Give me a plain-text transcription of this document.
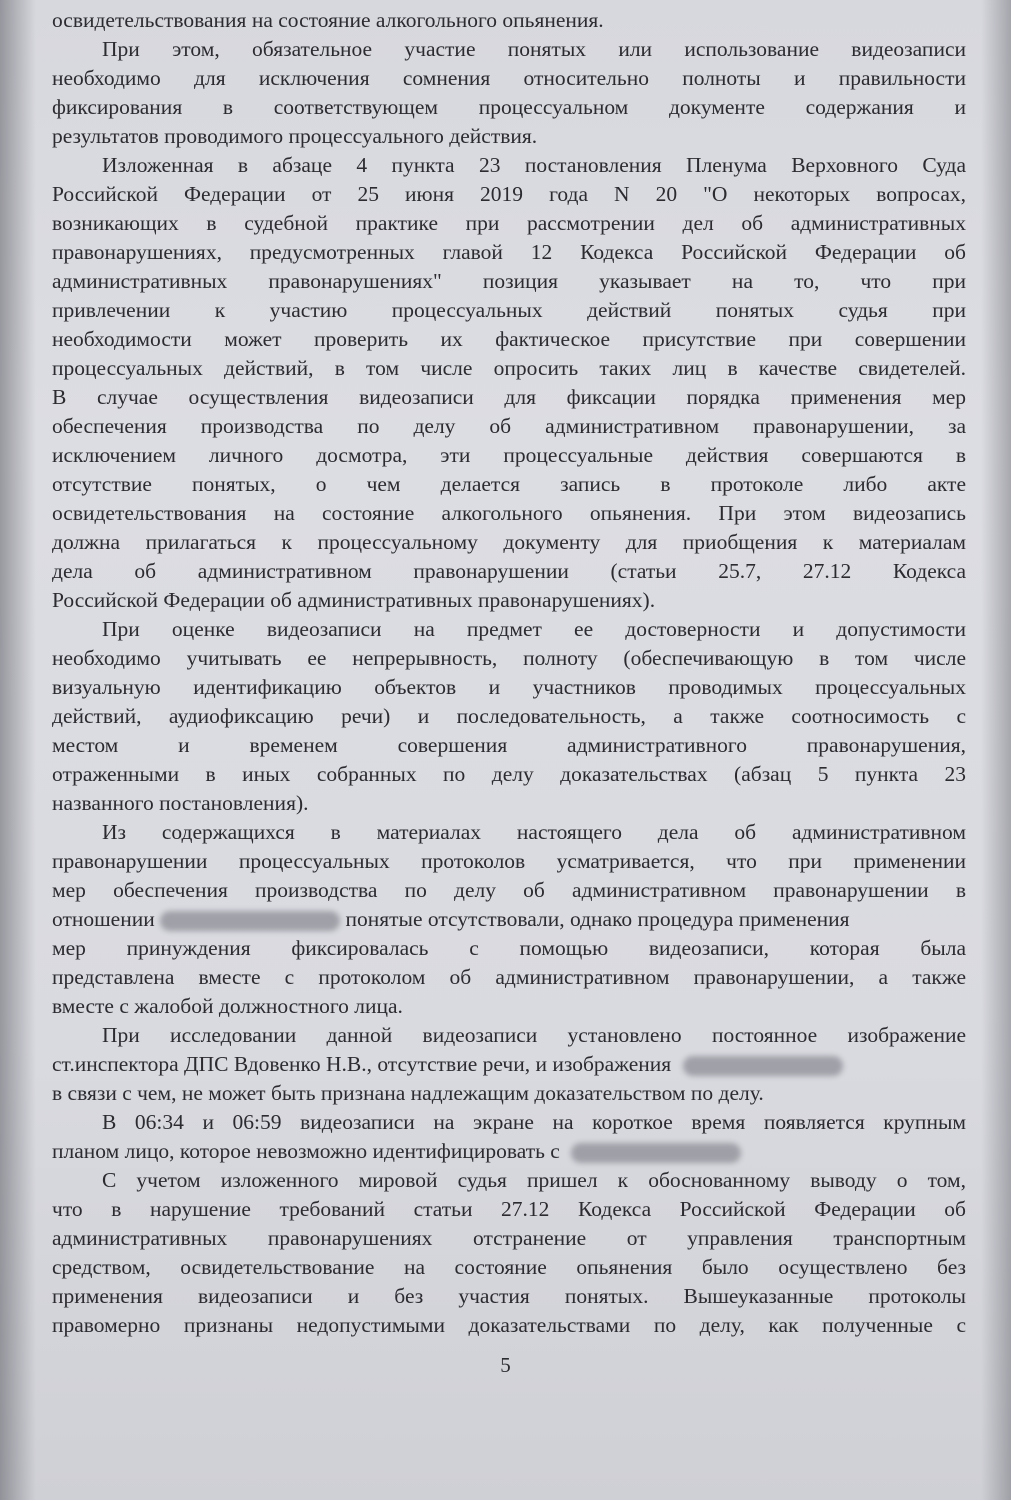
освидетельствования на состояние алкогольного опьянения.

При этом, обязательное участие понятых или использование видеозаписи
необходимо для исключения сомнения относительно полноты и правильности
фиксирования в соответствующем процессуальном документе содержания и
результатов проводимого процессуального действия.

Изложенная в абзаце 4 пункта 23 постановления Пленума Верховного Суда
Российской Федерации от 25 июня 2019 года N 20 "О некоторых вопросах,
возникающих в судебной практике при рассмотрении дел об административных
правонарушениях, предусмотренных главой 12 Кодекса Российской Федерации об
административных правонарушениях" позиция указывает на то, что при
привлечении к участию процессуальных действий понятых судья при
необходимости может проверить их фактическое присутствие при совершении
процессуальных действий, в том числе опросить таких лиц в качестве свидетелей.
В случае осуществления видеозаписи для фиксации порядка применения мер
обеспечения производства по делу об административном правонарушении, за
исключением личного досмотра, эти процессуальные действия совершаются в
отсутствие понятых, о чем делается запись в протоколе либо акте
освидетельствования на состояние алкогольного опьянения. При этом видеозапись
должна прилагаться к процессуальному документу для приобщения к материалам
дела об административном правонарушении (статьи 25.7, 27.12 Кодекса
Российской Федерации об административных правонарушениях).

При оценке видеозаписи на предмет ее достоверности и допустимости
необходимо учитывать ее непрерывность, полноту (обеспечивающую в том числе
визуальную идентификацию объектов и участников проводимых процессуальных
действий, аудиофиксацию речи) и последовательность, а также соотносимость с
местом и временем совершения административного правонарушения,
отраженными в иных собранных по делу доказательствах (абзац 5 пункта 23
названного постановления).

Из содержащихся в материалах настоящего дела об административном
правонарушении процессуальных протоколов усматривается, что при применении
мер обеспечения производства по делу об административном правонарушении в
отношении	понятые отсутствовали, однако процедура применения
мер принуждения фиксировалась с помощью видеозаписи, которая была
представлена вместе с протоколом об административном правонарушении, а также
вместе с жалобой должностного лица.

При исследовании данной видеозаписи установлено постоянное изображение
ст.инспектора ДПС Вдовенко Н.В., отсутствие речи, и изображения
в связи с чем, не может быть признана надлежащим доказательством по делу.

В 06:34 и 06:59 видеозаписи на экране на короткое время появляется крупным
планом лицо, которое невозможно идентифицировать с

С учетом изложенного мировой судья пришел к обоснованному выводу о том,
что в нарушение требований статьи 27.12 Кодекса Российской Федерации об
административных правонарушениях отстранение от управления транспортным
средством, освидетельствование на состояние опьянения было осуществлено без
применения видеозаписи и без участия понятых. Вышеуказанные протоколы
правомерно признаны недопустимыми доказательствами по делу, как полученные с

5
